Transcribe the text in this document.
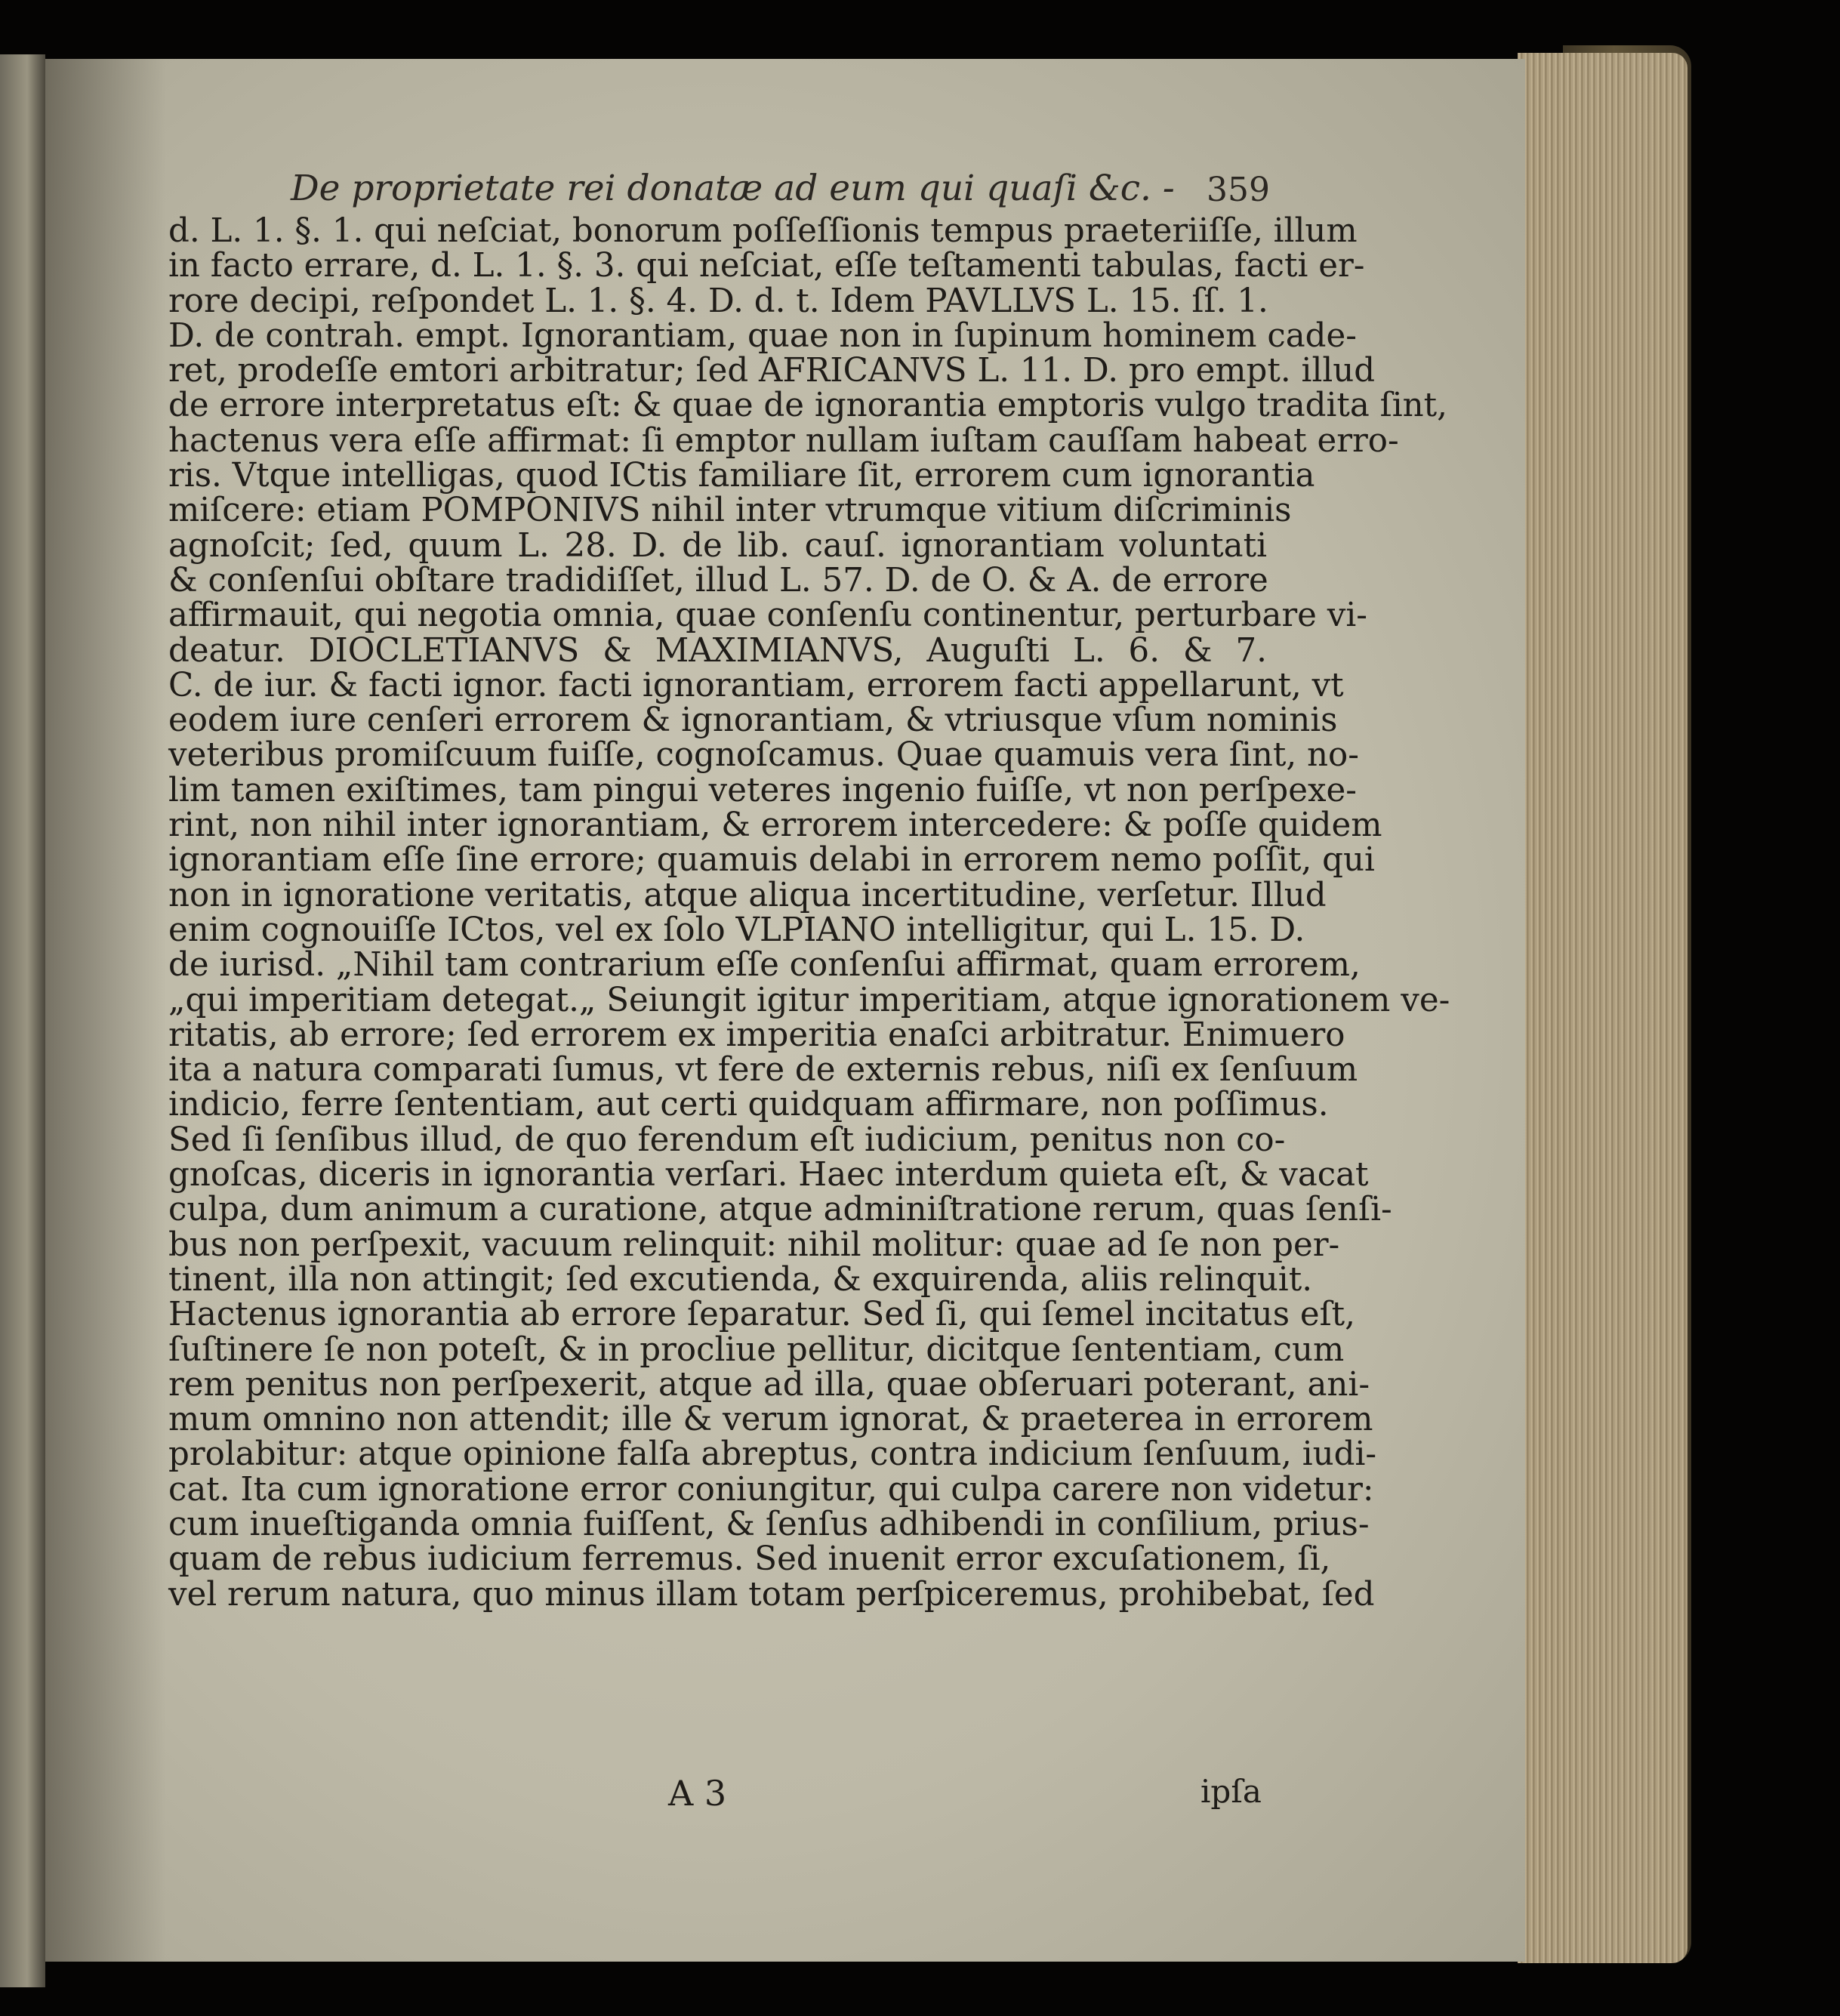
De proprietate rei donatæ ad eum qui quaſi &c. - 359
d. L. 1. §. 1. qui neſciat, bonorum poſſeſſionis tempus praeteriiſſe, illum
in facto errare, d. L. 1. §. 3. qui neſciat, eſſe teſtamenti tabulas, facti er-
rore decipi, reſpondet L. 1. §. 4. D. d. t. Idem PAVLLVS L. 15. ſſ. 1.
D. de contrah. empt. Ignorantiam, quae non in ſupinum hominem cade-
ret, prodeſſe emtori arbitratur; ſed AFRICANVS L. 11. D. pro empt. illud
de errore interpretatus eſt: & quae de ignorantia emptoris vulgo tradita ſint,
hactenus vera eſſe affirmat: ſi emptor nullam iuſtam cauſſam habeat erro-
ris. Vtque intelligas, quod ICtis familiare ſit, errorem cum ignorantia
miſcere: etiam POMPONIVS nihil inter vtrumque vitium diſcriminis
agnoſcit; ſed, quum L. 28. D. de lib. cauſ. ignorantiam voluntati
& conſenſui obſtare tradidiſſet, illud L. 57. D. de O. & A. de errore
affirmauit, qui negotia omnia, quae conſenſu continentur, perturbare vi-
deatur. DIOCLETIANVS & MAXIMIANVS, Auguſti L. 6. & 7.
C. de iur. & facti ignor. facti ignorantiam, errorem facti appellarunt, vt
eodem iure cenſeri errorem & ignorantiam, & vtriusque vſum nominis
veteribus promiſcuum fuiſſe, cognoſcamus. Quae quamuis vera ſint, no-
lim tamen exiſtimes, tam pingui veteres ingenio fuiſſe, vt non perſpexe-
rint, non nihil inter ignorantiam, & errorem intercedere: & poſſe quidem
ignorantiam eſſe ſine errore; quamuis delabi in errorem nemo poſſit, qui
non in ignoratione veritatis, atque aliqua incertitudine, verſetur. Illud
enim cognouiſſe ICtos, vel ex ſolo VLPIANO intelligitur, qui L. 15. D.
de iurisd. „Nihil tam contrarium eſſe conſenſui affirmat, quam errorem,
„qui imperitiam detegat.„ Seiungit igitur imperitiam, atque ignorationem ve-
ritatis, ab errore; ſed errorem ex imperitia enaſci arbitratur. Enimuero
ita a natura comparati ſumus, vt fere de externis rebus, niſi ex ſenſuum
indicio, ferre ſententiam, aut certi quidquam affirmare, non poſſimus.
Sed ſi ſenſibus illud, de quo ferendum eſt iudicium, penitus non co-
gnoſcas, diceris in ignorantia verſari. Haec interdum quieta eſt, & vacat
culpa, dum animum a curatione, atque adminiſtratione rerum, quas ſenſi-
bus non perſpexit, vacuum relinquit: nihil molitur: quae ad ſe non per-
tinent, illa non attingit; ſed excutienda, & exquirenda, aliis relinquit.
Hactenus ignorantia ab errore ſeparatur. Sed ſi, qui ſemel incitatus eſt,
ſuſtinere ſe non poteſt, & in procliue pellitur, dicitque ſententiam, cum
rem penitus non perſpexerit, atque ad illa, quae obſeruari poterant, ani-
mum omnino non attendit; ille & verum ignorat, & praeterea in errorem
prolabitur: atque opinione falſa abreptus, contra indicium ſenſuum, iudi-
cat. Ita cum ignoratione error coniungitur, qui culpa carere non videtur:
cum inueſtiganda omnia fuiſſent, & ſenſus adhibendi in conſilium, prius-
quam de rebus iudicium ferremus. Sed inuenit error excuſationem, ſi,
vel rerum natura, quo minus illam totam perſpiceremus, prohibebat, ſed
A 3	ipſa
